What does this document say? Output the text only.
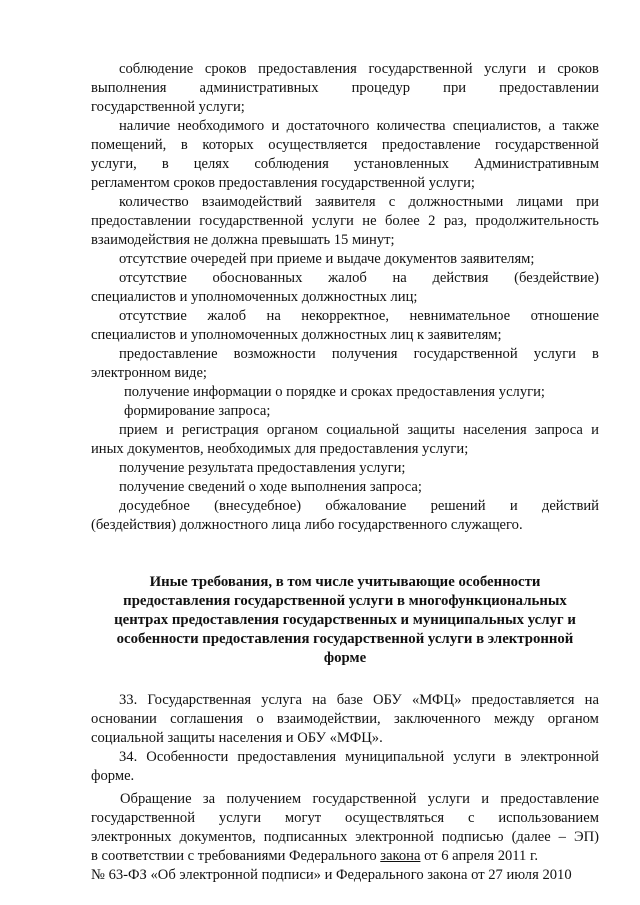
соблюдение сроков предоставления государственной услуги и сроков
выполнения административных процедур при предоставлении
государственной услуги;
наличие необходимого и достаточного количества специалистов, а также
помещений, в которых осуществляется предоставление государственной
услуги, в целях соблюдения установленных Административным
регламентом сроков предоставления государственной услуги;
количество взаимодействий заявителя с должностными лицами при
предоставлении государственной услуги не более 2 раз, продолжительность
взаимодействия не должна превышать 15 минут;
отсутствие очередей при приеме и выдаче документов заявителям;
отсутствие обоснованных жалоб на действия (бездействие)
специалистов и уполномоченных должностных лиц;
отсутствие жалоб на некорректное, невнимательное отношение
специалистов и уполномоченных должностных лиц к заявителям;
предоставление возможности получения государственной услуги в
электронном виде;
получение информации о порядке и сроках предоставления услуги;
формирование запроса;
прием и регистрация органом социальной защиты населения запроса и
иных документов, необходимых для предоставления услуги;
получение результата предоставления услуги;
получение сведений о ходе выполнения запроса;
досудебное (внесудебное) обжалование решений и действий
(бездействия) должностного лица либо государственного служащего.
Иные требования, в том числе учитывающие особенности
предоставления государственной услуги в многофункциональных
центрах предоставления государственных и муниципальных услуг и
особенности предоставления государственной услуги в электронной
форме
33. Государственная услуга на базе ОБУ «МФЦ» предоставляется на
основании соглашения о взаимодействии, заключенного между органом
социальной защиты населения и ОБУ «МФЦ».
34. Особенности предоставления муниципальной услуги в электронной
форме.
Обращение за получением государственной услуги и предоставление
государственной услуги могут осуществляться с использованием
электронных документов, подписанных электронной подписью (далее – ЭП)
в соответствии с требованиями Федерального закона от 6 апреля 2011 г.
№ 63-ФЗ «Об электронной подписи» и Федерального закона от 27 июля 2010
